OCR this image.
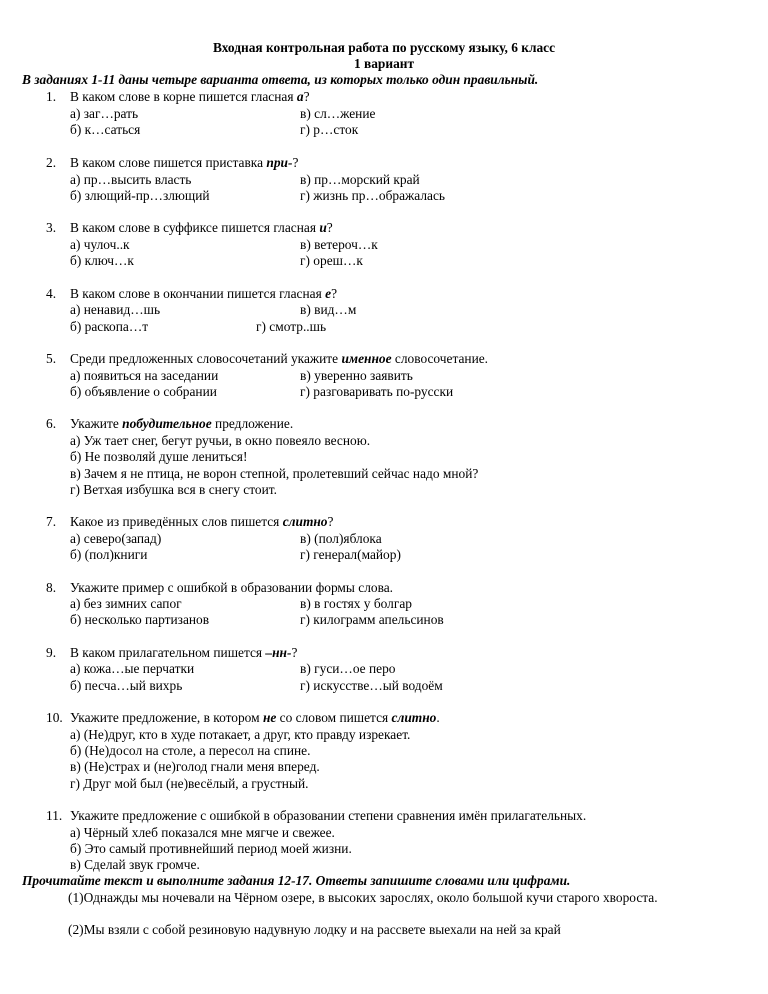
Входная контрольная работа по русскому языку, 6 класс
1 вариант
В заданиях 1-11 даны четыре варианта ответа, из которых только один правильный.
1. В каком слове в корне пишется гласная а?
а) заг…рать	в) сл…жение
б) к…саться	г) р…сток
2. В каком слове пишется приставка при-?
а) пр…высить власть	в) пр…морский край
б) злющий-пр…злющий	г) жизнь пр…ображалась
3. В каком слове в суффиксе пишется гласная и?
а) чулоч..к	в) ветероч…к
б) ключ…к	г) ореш…к
4. В каком слове в окончании пишется гласная е?
а) ненавид…шь	в) вид…м
б) раскопа…т	г) смотр..шь
5. Среди предложенных словосочетаний укажите именное словосочетание.
а) появиться на заседании	в) уверенно заявить
б) объявление о собрании	г) разговаривать по-русски
6. Укажите побудительное предложение.
а) Уж тает снег, бегут ручьи, в окно повеяло весною.
б) Не позволяй душе лениться!
в) Зачем я не птица, не ворон степной, пролетевший сейчас надо мной?
г) Ветхая избушка вся в снегу стоит.
7. Какое из приведённых слов пишется слитно?
а) северо(запад)	в) (пол)яблока
б) (пол)книги	г) генерал(майор)
8. Укажите пример с ошибкой в образовании формы слова.
а) без зимних сапог	в) в гостях у болгар
б) несколько партизанов	г) килограмм апельсинов
9. В каком прилагательном пишется –нн-?
а) кожа…ые перчатки	в) гуси…ое перо
б) песча…ый вихрь	г) искусстве…ый водоём
10. Укажите предложение, в котором не со словом пишется слитно.
а) (Не)друг, кто в худе потакает, а друг, кто правду изрекает.
б) (Не)досол на столе, а пересол на спине.
в) (Не)страх и (не)голод гнали меня вперед.
г) Друг мой был (не)весёлый, а грустный.
11. Укажите предложение с ошибкой в образовании степени сравнения имён прилагательных.
а) Чёрный хлеб показался мне мягче и свежее.
б) Это самый противнейший период моей жизни.
в) Сделай звук громче.
Прочитайте текст и выполните задания 12-17. Ответы запишите словами или цифрами.
(1)Однажды мы ночевали на Чёрном озере, в высоких зарослях, около большой кучи старого хвороста.
(2)Мы взяли с собой резиновую надувную лодку и на рассвете выехали на ней за край
